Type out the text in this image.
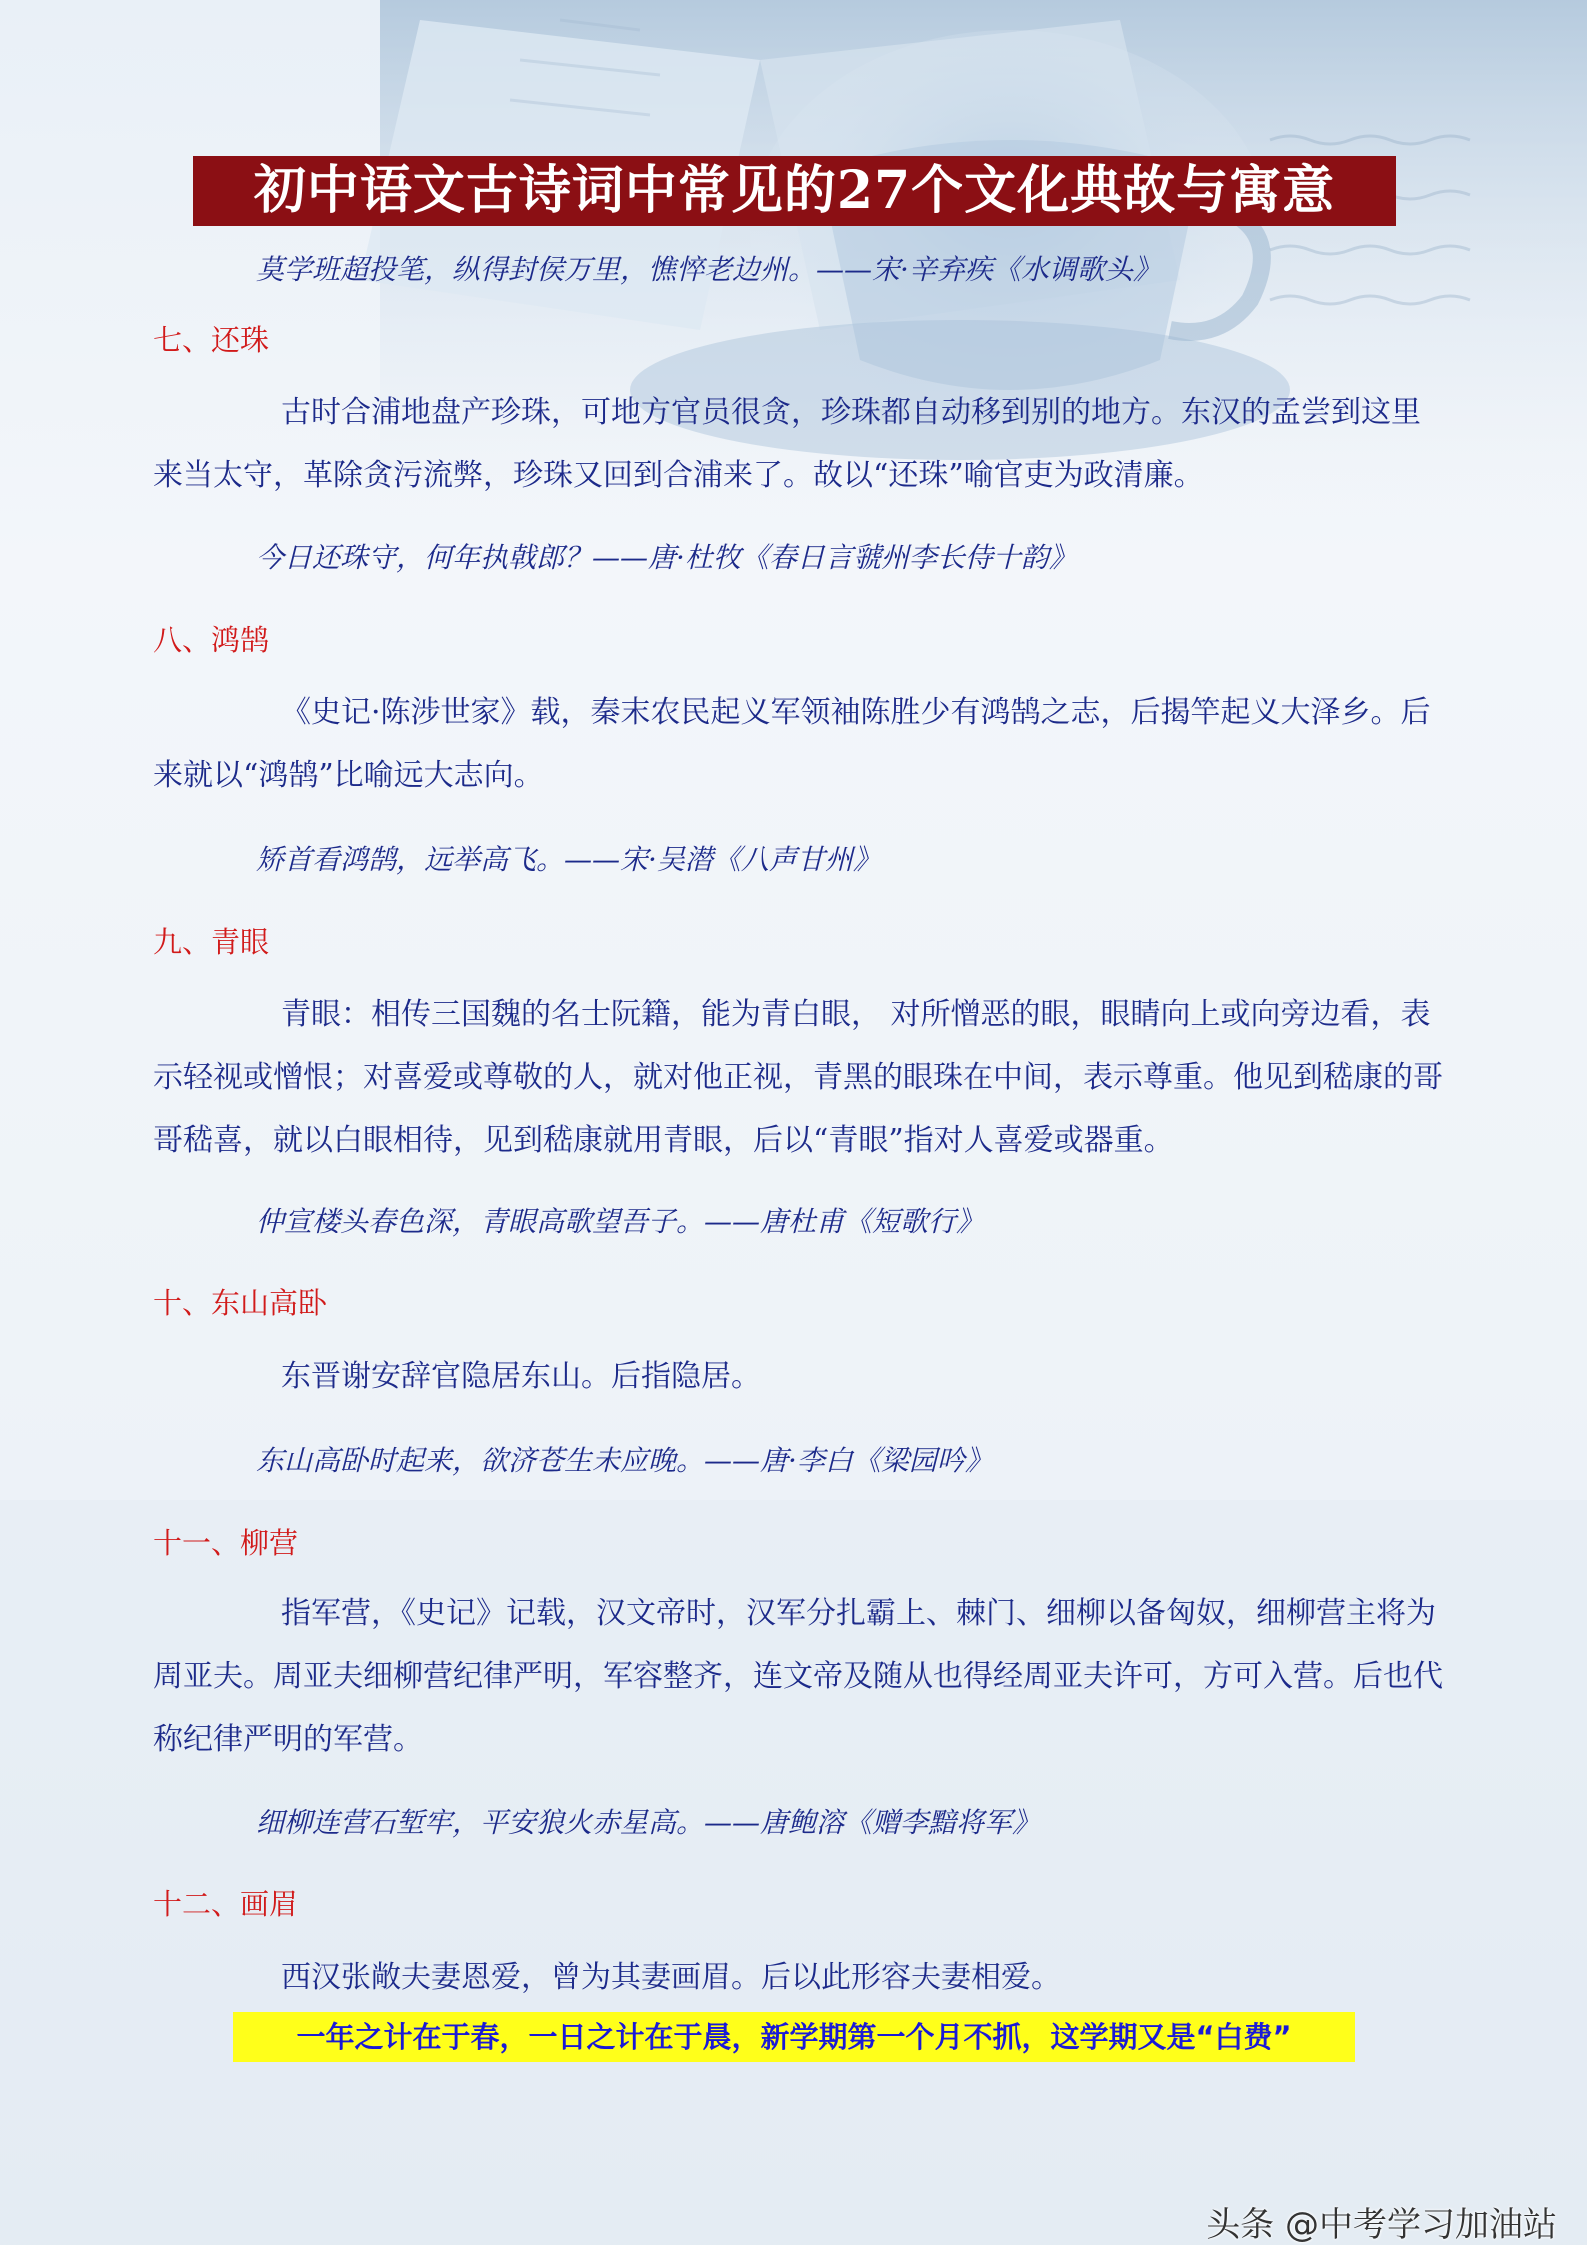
初中语文古诗词中常见的27个文化典故与寓意
莫学班超投笔，纵得封侯万里，憔悴老边州。——宋·辛弃疾《水调歌头》
七、还珠
古时合浦地盘产珍珠，可地方官员很贪，珍珠都自动移到别的地方。东汉的孟尝到这里来当太守，革除贪污流弊，珍珠又回到合浦来了。故以“还珠”喻官吏为政清廉。
今日还珠守，何年执戟郎？——唐·杜牧《春日言虢州李长侍十韵》
八、鸿鹄
《史记·陈涉世家》载，秦末农民起义军领袖陈胜少有鸿鹄之志，后揭竿起义大泽乡。后来就以“鸿鹄”比喻远大志向。
矫首看鸿鹄，远举高飞。——宋·吴潜《八声甘州》
九、青眼
青眼：相传三国魏的名士阮籍，能为青白眼， 对所憎恶的眼，眼睛向上或向旁边看，表示轻视或憎恨；对喜爱或尊敬的人，就对他正视，青黑的眼珠在中间，表示尊重。他见到嵇康的哥哥嵇喜，就以白眼相待，见到嵇康就用青眼，后以“青眼”指对人喜爱或器重。
仲宣楼头春色深，青眼高歌望吾子。——唐杜甫《短歌行》
十、东山高卧
东晋谢安辞官隐居东山。后指隐居。
东山高卧时起来，欲济苍生未应晚。——唐·李白《梁园吟》
十一、柳营
指军营，《史记》记载，汉文帝时，汉军分扎霸上、棘门、细柳以备匈奴，细柳营主将为周亚夫。周亚夫细柳营纪律严明，军容整齐，连文帝及随从也得经周亚夫许可，方可入营。后也代称纪律严明的军营。
细柳连营石堑牢，平安狼火赤星高。——唐鲍溶《赠李黯将军》
十二、画眉
西汉张敞夫妻恩爱，曾为其妻画眉。后以此形容夫妻相爱。
一年之计在于春，一日之计在于晨，新学期第一个月不抓，这学期又是“白费”
头条 @中考学习加油站
